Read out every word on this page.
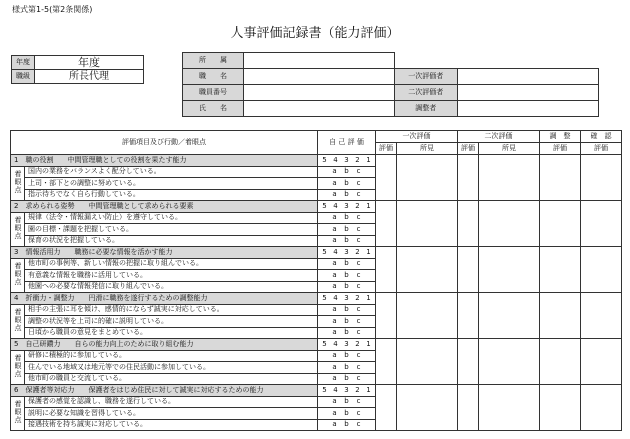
様式第1-5(第2条関係)
人事評価記録書（能力評価）
年度	年度
職級	所長代理
所　　属			
職　　名		一次評価者	
職員番号		二次評価者	
氏　　名		調整者	
評価項目及び行動／着眼点		自 己 評 価	一次評価		二次評価		調　整	確　認
			評価	所見	評価	所見	評価	評価
1　職の役割　　中間管理職としての役割を果たす能力		5 4 3 2 1						
着眼点	国内の業務をバランスよく配分している。	a b c						
	上司・部下との調整に努めている。	a b c						
	指示待ちでなく自ら行動している。	a b c						
2　求められる姿勢　　中間管理職として求められる要素		5 4 3 2 1						
着眼点	規律（法令・情報漏えい防止）を遵守している。	a b c						
	園の目標・課題を把握している。	a b c						
	保育の状況を把握している。	a b c						
3　情報活用力　　職務に必要な情報を活かす能力		5 4 3 2 1						
着眼点	他市町の事例等、新しい情報の把握に取り組んでいる。	a b c						
	有意義な情報を職務に活用している。	a b c						
	他園への必要な情報発信に取り組んでいる。	a b c						
4　折衝力・調整力　　円滑に職務を遂行するための調整能力		5 4 3 2 1						
着眼点	相手の主張に耳を傾け、感情的にならず誠実に対応している。	a b c						
	調整の状況等を上司に的確に説明している。	a b c						
	日頃から職員の意見をまとめている。	a b c						
5　自己研鑽力　　自らの能力向上のために取り組む能力		5 4 3 2 1						
着眼点	研修に積極的に参加している。	a b c						
	住んでいる地域又は地元等での住民活動に参加している。	a b c						
	他市町の職員と交流している。	a b c						
6　保護者等対応力　　保護者をはじめ住民に対して誠実に対応するための能力		5 4 3 2 1						
着眼点	保護者の感覚を認識し、職務を遂行している。	a b c						
	説明に必要な知識を習得している。	a b c						
	接遇技術を持ち誠実に対応している。	a b c						
